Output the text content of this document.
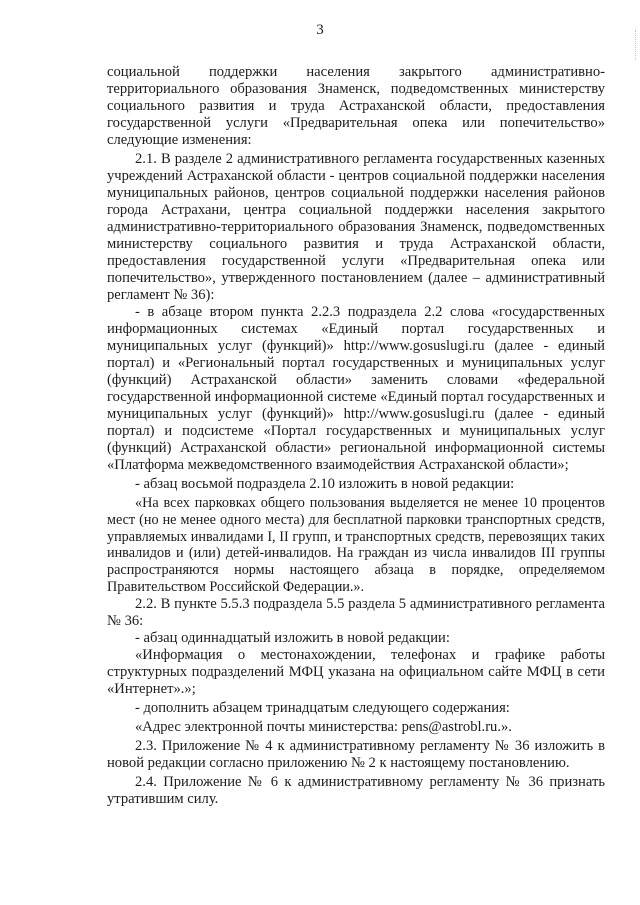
3

социальной поддержки населения закрытого административно-территориального образования Знаменск, подведомственных министерству социального развития и труда Астраханской области, предоставления государственной услуги «Предварительная опека или попечительство» следующие изменения:

2.1. В разделе 2 административного регламента государственных казенных учреждений Астраханской области - центров социальной поддержки населения муниципальных районов, центров социальной поддержки населения районов города Астрахани, центра социальной поддержки населения закрытого административно-территориального образования Знаменск, подведомственных министерству социального развития и труда Астраханской области, предоставления государственной услуги «Предварительная опека или попечительство», утвержденного постановлением (далее – административный регламент № 36):

- в абзаце втором пункта 2.2.3 подраздела 2.2 слова «государственных информационных системах «Единый портал государственных и муниципальных услуг (функций)» http://www.gosuslugi.ru (далее - единый портал) и «Региональный портал государственных и муниципальных услуг (функций) Астраханской области» заменить словами «федеральной государственной информационной системе «Единый портал государственных и муниципальных услуг (функций)» http://www.gosuslugi.ru (далее - единый портал) и подсистеме «Портал государственных и муниципальных услуг (функций) Астраханской области» региональной информационной системы «Платформа межведомственного взаимодействия Астраханской области»;

- абзац восьмой подраздела 2.10 изложить в новой редакции:

«На всех парковках общего пользования выделяется не менее 10 процентов мест (но не менее одного места) для бесплатной парковки транспортных средств, управляемых инвалидами I, II групп, и транспортных средств, перевозящих таких инвалидов и (или) детей-инвалидов. На граждан из числа инвалидов III группы распространяются нормы настоящего абзаца в порядке, определяемом Правительством Российской Федерации.».

2.2. В пункте 5.5.3 подраздела 5.5 раздела 5 административного регламента № 36:

- абзац одиннадцатый изложить в новой редакции:

«Информация о местонахождении, телефонах и графике работы структурных подразделений МФЦ указана на официальном сайте МФЦ в сети «Интернет».»;

- дополнить абзацем тринадцатым следующего содержания:

«Адрес электронной почты министерства: pens@astrobl.ru.».

2.3. Приложение № 4 к административному регламенту № 36 изложить в новой редакции согласно приложению № 2 к настоящему постановлению.

2.4. Приложение № 6 к административному регламенту № 36 признать утратившим силу.
